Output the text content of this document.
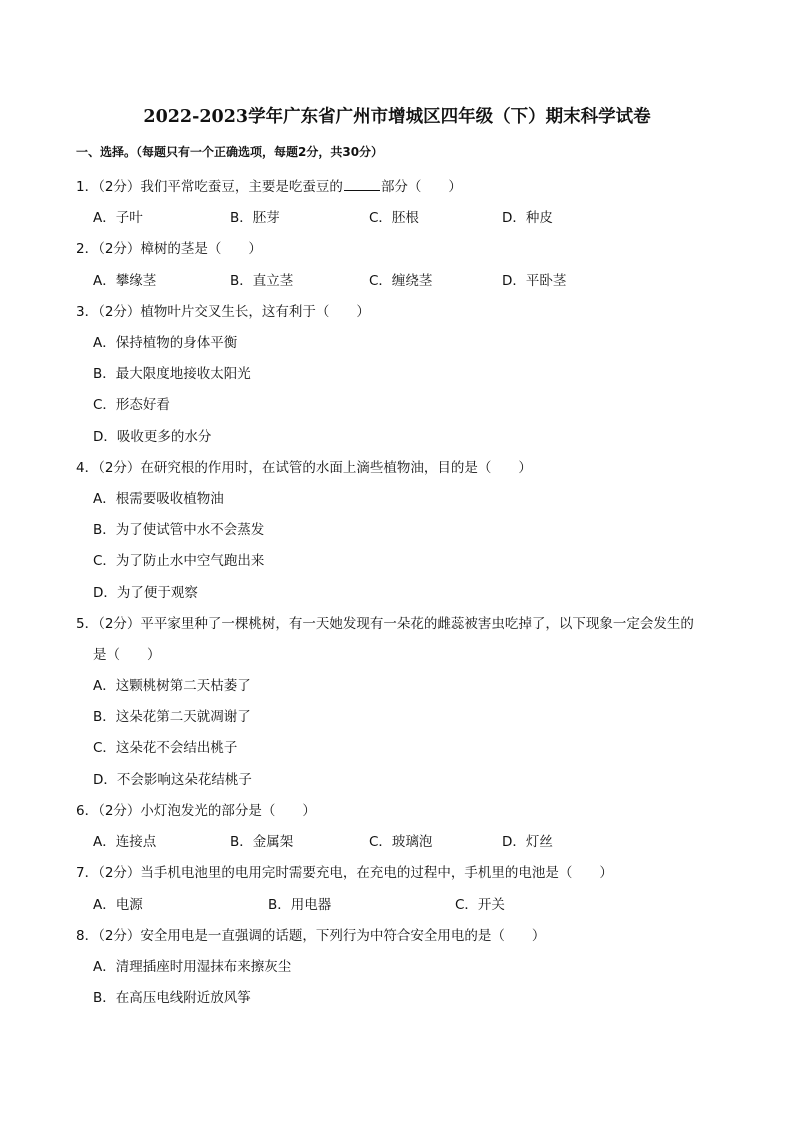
2022-2023学年广东省广州市增城区四年级（下）期末科学试卷
一、选择。（每题只有一个正确选项，每题2分，共30分）
1．（2分）我们平常吃蚕豆，主要是吃蚕豆的	部分（　　）
A．子叶	B．胚芽	C．胚根	D．种皮
2．（2分）樟树的茎是（　　）
A．攀缘茎	B．直立茎	C．缠绕茎	D．平卧茎
3．（2分）植物叶片交叉生长，这有利于（　　）
A．保持植物的身体平衡
B．最大限度地接收太阳光
C．形态好看
D．吸收更多的水分
4．（2分）在研究根的作用时，在试管的水面上滴些植物油，目的是（　　）
A．根需要吸收植物油
B．为了使试管中水不会蒸发
C．为了防止水中空气跑出来
D．为了便于观察
5．（2分）平平家里种了一棵桃树，有一天她发现有一朵花的雌蕊被害虫吃掉了，以下现象一定会发生的
是（　　）
A．这颗桃树第二天枯萎了
B．这朵花第二天就凋谢了
C．这朵花不会结出桃子
D．不会影响这朵花结桃子
6．（2分）小灯泡发光的部分是（　　）
A．连接点	B．金属架	C．玻璃泡	D．灯丝
7．（2分）当手机电池里的电用完时需要充电，在充电的过程中，手机里的电池是（　　）
A．电源	B．用电器	C．开关
8．（2分）安全用电是一直强调的话题，下列行为中符合安全用电的是（　　）
A．清理插座时用湿抹布来擦灰尘
B．在高压电线附近放风筝
